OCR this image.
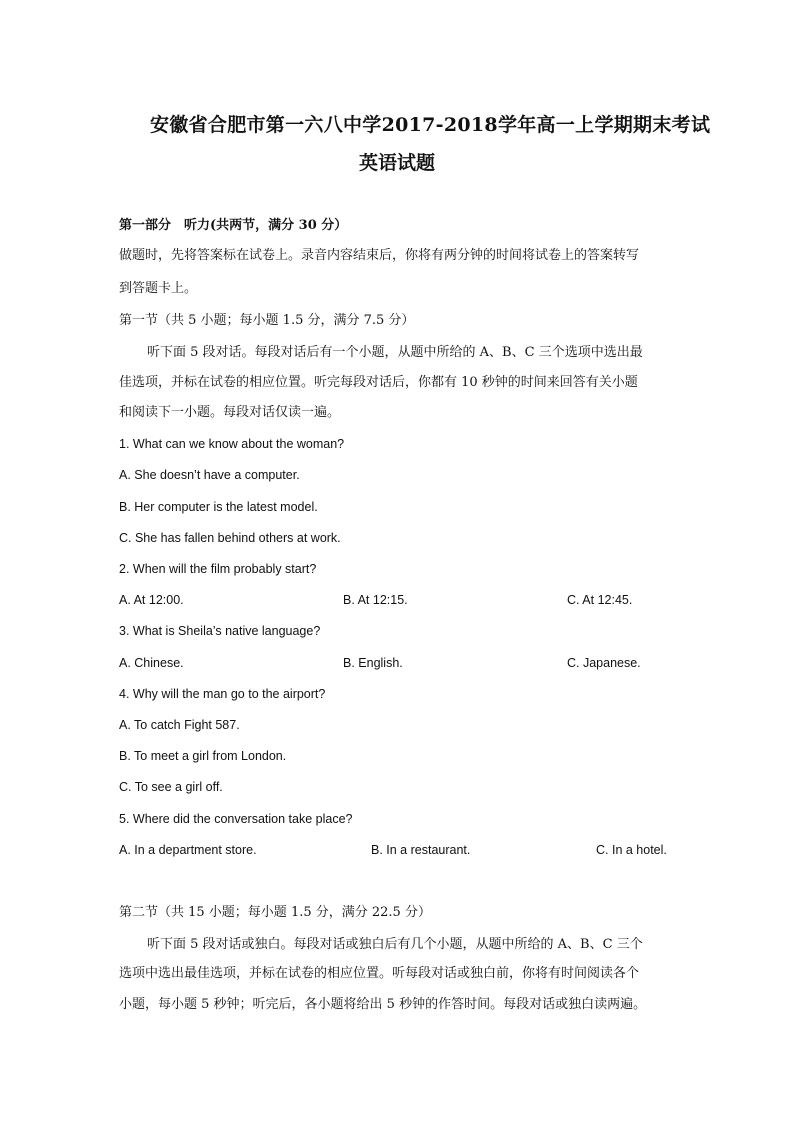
安徽省合肥市第一六八中学2017-2018学年高一上学期期末考试
英语试题
第一部分　听力(共两节，满分 30 分）
做题时，先将答案标在试卷上。录音内容结束后，你将有两分钟的时间将试卷上的答案转写
到答题卡上。
第一节（共 5 小题；每小题 1.5 分，满分 7.5 分）
听下面 5 段对话。每段对话后有一个小题，从题中所给的 A、B、C 三个选项中选出最
佳选项，并标在试卷的相应位置。听完每段对话后，你都有 10 秒钟的时间来回答有关小题
和阅读下一小题。每段对话仅读一遍。
1. What can we know about the woman?
A. She doesn’t have a computer.
B. Her computer is the latest model.
C. She has fallen behind others at work.
2. When will the film probably start?
A. At 12:00.	B. At 12:15.	C. At 12:45.
3. What is Sheila’s native language?
A. Chinese.	B. English.	C. Japanese.
4. Why will the man go to the airport?
A. To catch Fight 587.
B. To meet a girl from London.
C. To see a girl off.
5. Where did the conversation take place?
A. In a department store.	B. In a restaurant.	C. In a hotel.
第二节（共 15 小题；每小题 1.5 分，满分 22.5 分）
听下面 5 段对话或独白。每段对话或独白后有几个小题，从题中所给的 A、B、C 三个
选项中选出最佳选项，并标在试卷的相应位置。听每段对话或独白前，你将有时间阅读各个
小题，每小题 5 秒钟；听完后，各小题将给出 5 秒钟的作答时间。每段对话或独白读两遍。
